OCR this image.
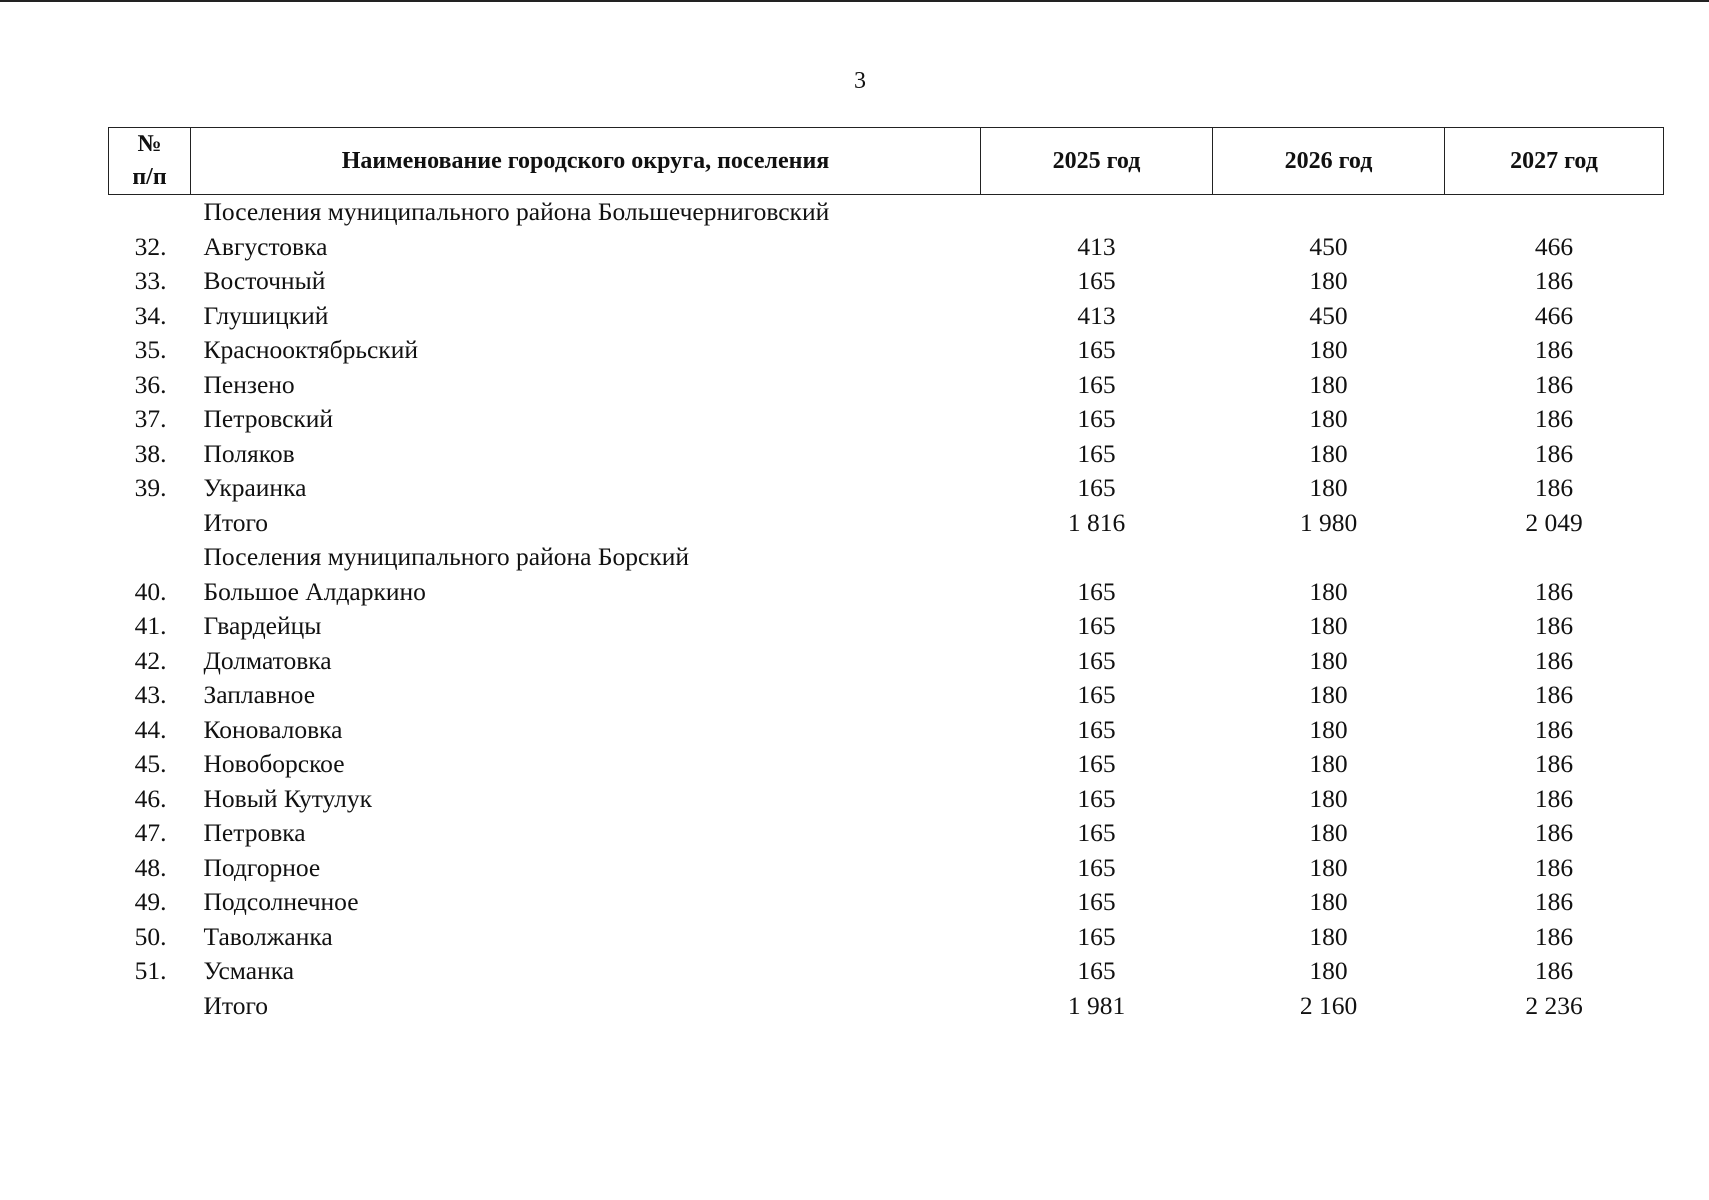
3
№
п/п	Наименование городского округа, поселения	2025 год	2026 год	2027 год
	Поселения муниципального района Большечерниговский			
32.	Августовка	413	450	466
33.	Восточный	165	180	186
34.	Глушицкий	413	450	466
35.	Краснооктябрьский	165	180	186
36.	Пензено	165	180	186
37.	Петровский	165	180	186
38.	Поляков	165	180	186
39.	Украинка	165	180	186
	Итого	1 816	1 980	2 049
	Поселения муниципального района Борский			
40.	Большое Алдаркино	165	180	186
41.	Гвардейцы	165	180	186
42.	Долматовка	165	180	186
43.	Заплавное	165	180	186
44.	Коноваловка	165	180	186
45.	Новоборское	165	180	186
46.	Новый Кутулук	165	180	186
47.	Петровка	165	180	186
48.	Подгорное	165	180	186
49.	Подсолнечное	165	180	186
50.	Таволжанка	165	180	186
51.	Усманка	165	180	186
	Итого	1 981	2 160	2 236
